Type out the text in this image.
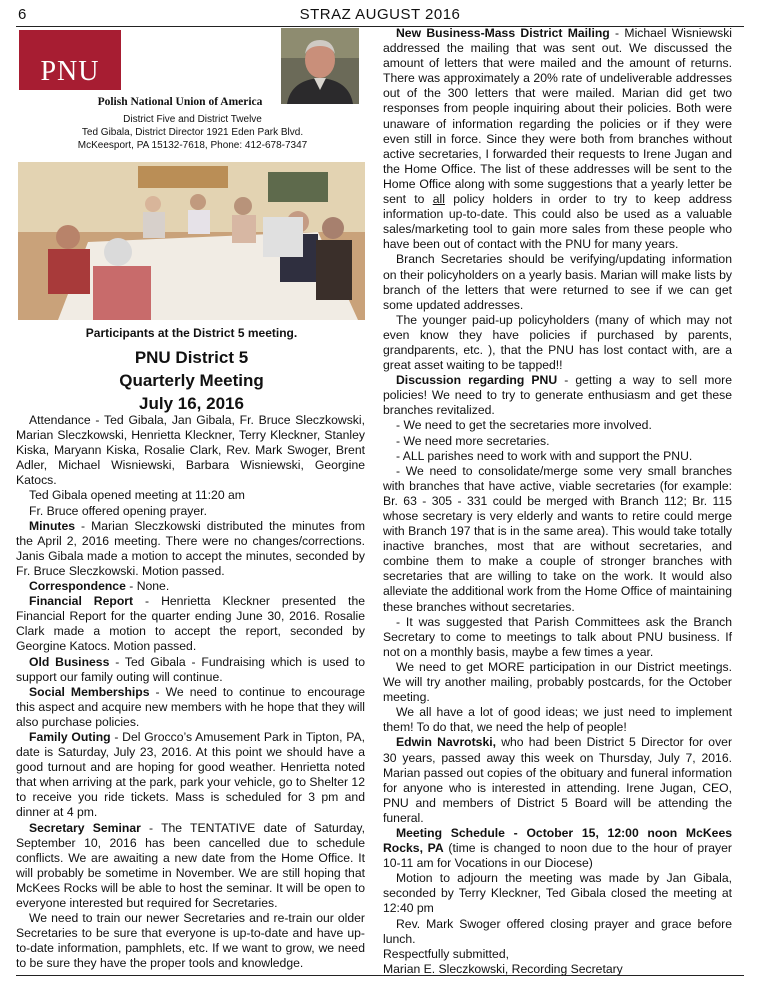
6	STRAZ AUGUST 2016
PNU
Polish National Union of America
District Five and District Twelve
Ted Gibala, District Director 1921 Eden Park Blvd.
McKeesport, PA 15132-7618, Phone: 412-678-7347
Participants at the District 5 meeting.
PNU District 5
Quarterly Meeting
July 16, 2016

Attendance - Ted Gibala, Jan Gibala, Fr. Bruce Sleczkowski, Marian Sleczkowski, Henrietta Kleckner, Terry Kleckner, Stanley Kiska, Maryann Kiska, Rosalie Clark, Rev. Mark Swoger, Brent Adler, Michael Wisniewski, Barbara Wisniewski, Georgine Katocs.

Ted Gibala opened meeting at 11:20 am

Fr. Bruce offered opening prayer.

Minutes - Marian Sleczkowski distributed the minutes from the April 2, 2016 meeting. There were no changes/corrections. Janis Gibala made a motion to accept the minutes, seconded by Fr. Bruce Sleczkowski. Motion passed.

Correspondence - None.

Financial Report - Henrietta Kleckner presented the Financial Report for the quarter ending June 30, 2016. Rosalie Clark made a motion to accept the report, seconded by Georgine Katocs. Motion passed.

Old Business - Ted Gibala - Fundraising which is used to support our family outing will continue.

Social Memberships - We need to continue to encourage this aspect and acquire new members with he hope that they will also purchase policies.

Family Outing - Del Grocco’s Amusement Park in Tipton, PA, date is Saturday, July 23, 2016. At this point we should have a good turnout and are hoping for good weather. Henrietta noted that when arriving at the park, park your vehicle, go to Shelter 12 to receive you ride tickets. Mass is scheduled for 3 pm and dinner at 4 pm.

Secretary Seminar - The TENTATIVE date of Saturday, September 10, 2016 has been cancelled due to schedule conflicts. We are awaiting a new date from the Home Office. It will probably be sometime in November. We are still hoping that McKees Rocks will be able to host the seminar. It will be open to everyone interested but required for Secretaries.

We need to train our newer Secretaries and re-train our older Secretaries to be sure that everyone is up-to-date and have up-to-date information, pamphlets, etc. If we want to grow, we need to be sure they have the proper tools and knowledge.

New Business-Mass District Mailing - Michael Wisniewski addressed the mailing that was sent out. We discussed the amount of letters that were mailed and the amount of returns. There was approximately a 20% rate of undeliverable addresses out of the 300 letters that were mailed. Marian did get two responses from people inquiring about their policies. Both were unaware of information regarding the policies or if they were even still in force. Since they were both from branches without active secretaries, I forwarded their requests to Irene Jugan and the Home Office. The list of these addresses will be sent to the Home Office along with some suggestions that a yearly letter be sent to all policy holders in order to try to keep address information up-to-date. This could also be used as a valuable sales/marketing tool to gain more sales from these people who have been out of contact with the PNU for many years.

Branch Secretaries should be verifying/updating information on their policyholders on a yearly basis. Marian will make lists by branch of the letters that were returned to see if we can get some updated addresses.

The younger paid-up policyholders (many of which may not even know they have policies if purchased by parents, grandparents, etc. ), that the PNU has lost contact with, are a great asset waiting to be tapped!!

Discussion regarding PNU - getting a way to sell more policies! We need to try to generate enthusiasm and get these branches revitalized.

- We need to get the secretaries more involved.

- We need more secretaries.

- ALL parishes need to work with and support the PNU.

- We need to consolidate/merge some very small branches with branches that have active, viable secretaries (for example: Br. 63 - 305 - 331 could be merged with Branch 112; Br. 115 whose secretary is very elderly and wants to retire could merge with Branch 197 that is in the same area). This would take totally inactive branches, most that are without secretaries, and combine them to make a couple of stronger branches with secretaries that are willing to take on the work. It would also alleviate the additional work from the Home Office of maintaining these branches without secretaries.

- It was suggested that Parish Committees ask the Branch Secretary to come to meetings to talk about PNU business. If not on a monthly basis, maybe a few times a year.

We need to get MORE participation in our District meetings. We will try another mailing, probably postcards, for the October meeting.

We all have a lot of good ideas; we just need to implement them! To do that, we need the help of people!

Edwin Navrotski, who had been District 5 Director for over 30 years, passed away this week on Thursday, July 7, 2016. Marian passed out copies of the obituary and funeral information for anyone who is interested in attending. Irene Jugan, CEO, PNU and members of District 5 Board will be attending the funeral.

Meeting Schedule - October 15, 12:00 noon McKees Rocks, PA (time is changed to noon due to the hour of prayer 10-11 am for Vocations in our Diocese)

Motion to adjourn the meeting was made by Jan Gibala, seconded by Terry Kleckner, Ted Gibala closed the meeting at 12:40 pm

Rev. Mark Swoger offered closing prayer and grace before lunch.

Respectfully submitted,

Marian E. Sleczkowski, Recording Secretary
